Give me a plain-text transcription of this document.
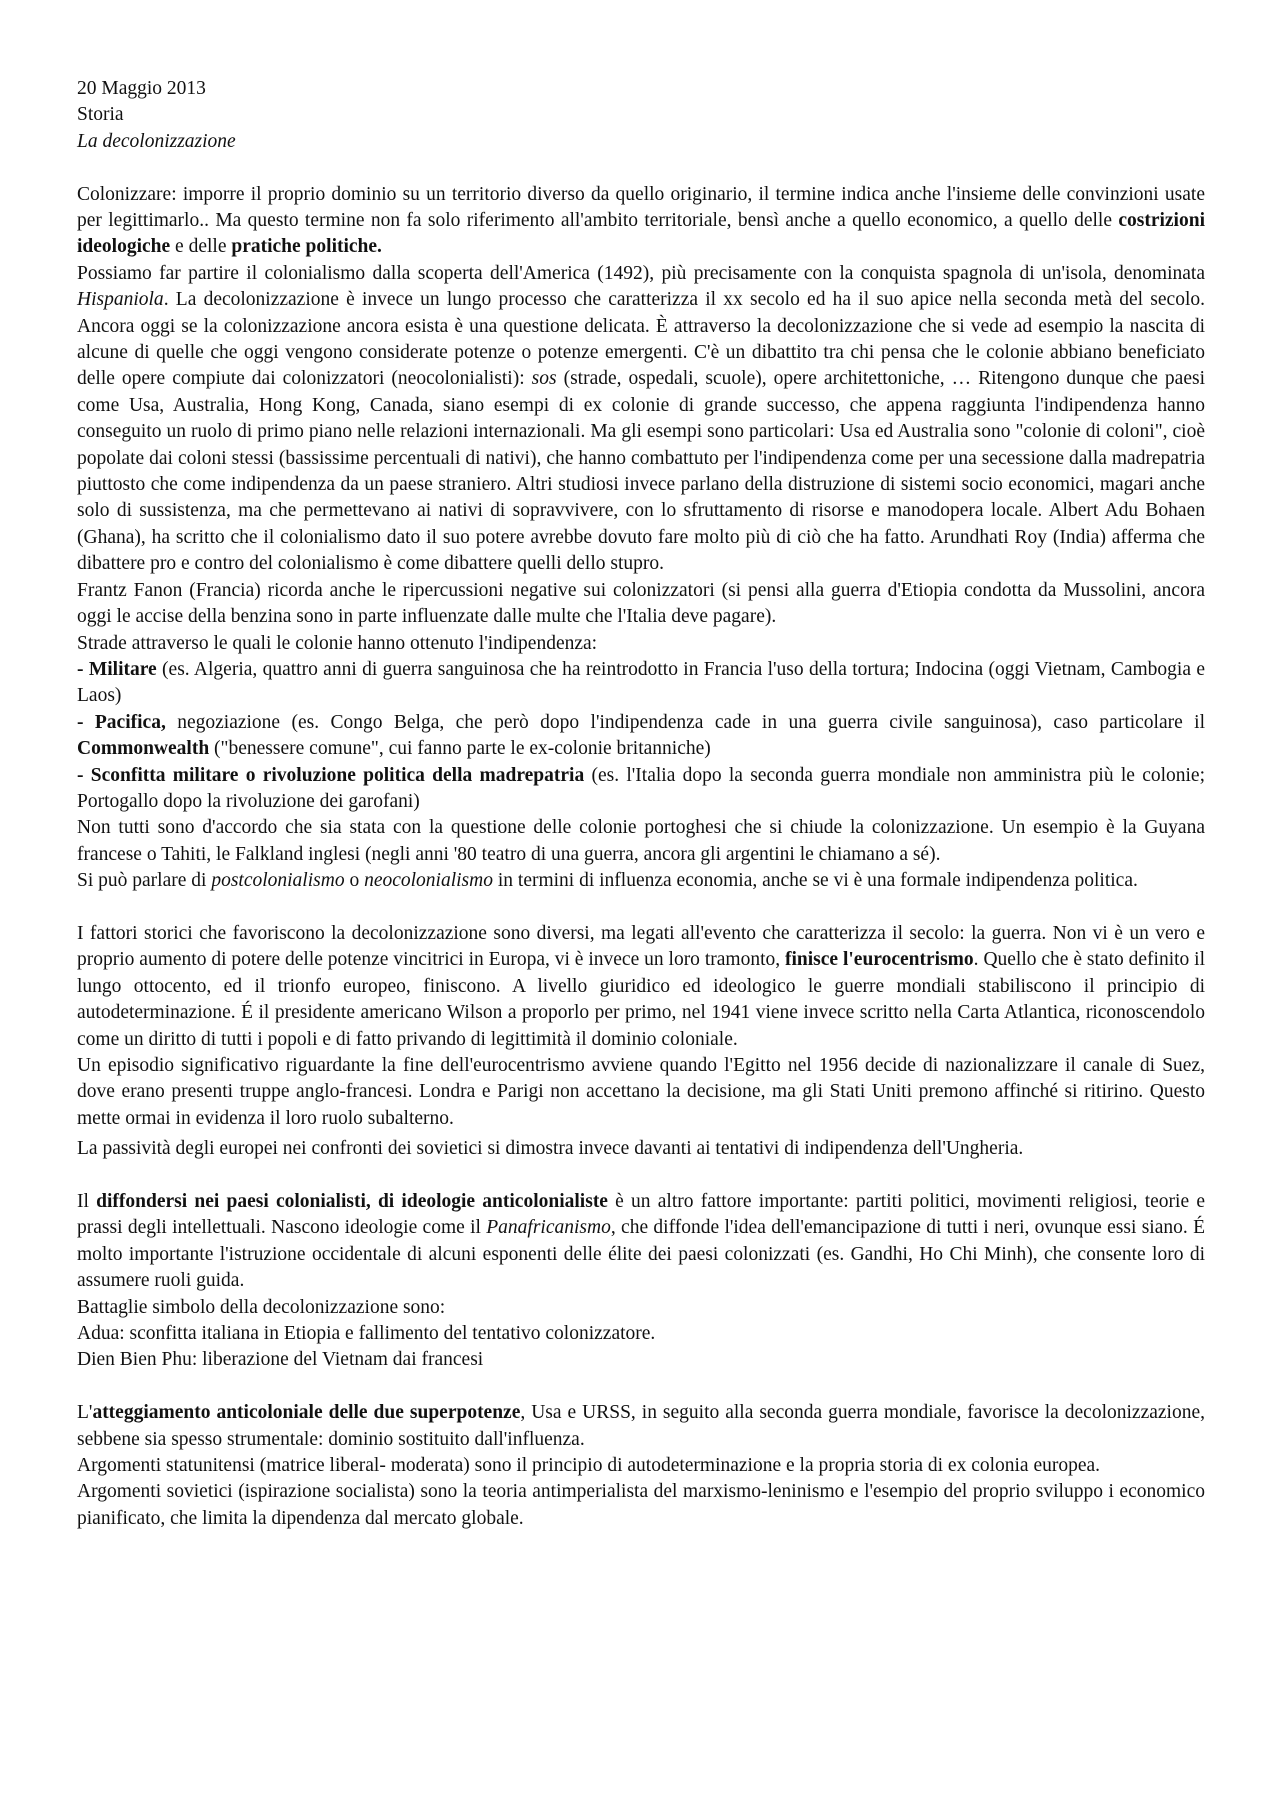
20 Maggio 2013

Storia

La decolonizzazione

Colonizzare: imporre il proprio dominio su un territorio diverso da quello originario, il termine indica anche l'insieme delle convinzioni usate per legittimarlo.. Ma questo termine non fa solo riferimento all'ambito territoriale, bensì anche a quello economico, a quello delle costrizioni ideologiche e delle pratiche politiche.

Possiamo far partire il colonialismo dalla scoperta dell'America (1492), più precisamente con la conquista spagnola di un'isola, denominata Hispaniola. La decolonizzazione è invece un lungo processo che caratterizza il xx secolo ed ha il suo apice nella seconda metà del secolo. Ancora oggi se la colonizzazione ancora esista è una questione delicata. È attraverso la decolonizzazione che si vede ad esempio la nascita di alcune di quelle che oggi vengono considerate potenze o potenze emergenti. C'è un dibattito tra chi pensa che le colonie abbiano beneficiato delle opere compiute dai colonizzatori (neocolonialisti): sos (strade, ospedali, scuole), opere architettoniche, … Ritengono dunque che paesi come Usa, Australia, Hong Kong, Canada, siano esempi di ex colonie di grande successo, che appena raggiunta l'indipendenza hanno conseguito un ruolo di primo piano nelle relazioni internazionali. Ma gli esempi sono particolari: Usa ed Australia sono "colonie di coloni", cioè popolate dai coloni stessi (bassissime percentuali di nativi), che hanno combattuto per l'indipendenza come per una secessione dalla madrepatria piuttosto che come indipendenza da un paese straniero. Altri studiosi invece parlano della distruzione di sistemi socio economici, magari anche solo di sussistenza, ma che permettevano ai nativi di sopravvivere, con lo sfruttamento di risorse e manodopera locale. Albert Adu Bohaen (Ghana), ha scritto che il colonialismo dato il suo potere avrebbe dovuto fare molto più di ciò che ha fatto. Arundhati Roy (India) afferma che dibattere pro e contro del colonialismo è come dibattere quelli dello stupro.

Frantz Fanon (Francia) ricorda anche le ripercussioni negative sui colonizzatori (si pensi alla guerra d'Etiopia condotta da Mussolini, ancora oggi le accise della benzina sono in parte influenzate dalle multe che l'Italia deve pagare).

Strade attraverso le quali le colonie hanno ottenuto l'indipendenza:

- Militare (es. Algeria, quattro anni di guerra sanguinosa che ha reintrodotto in Francia l'uso della tortura; Indocina (oggi Vietnam, Cambogia e Laos)

- Pacifica, negoziazione (es. Congo Belga, che però dopo l'indipendenza cade in una guerra civile sanguinosa), caso particolare il Commonwealth ("benessere comune", cui fanno parte le ex-colonie britanniche)

- Sconfitta militare o rivoluzione politica della madrepatria (es. l'Italia dopo la seconda guerra mondiale non amministra più le colonie; Portogallo dopo la rivoluzione dei garofani)

Non tutti sono d'accordo che sia stata con la questione delle colonie portoghesi che si chiude la colonizzazione. Un esempio è la Guyana francese o Tahiti, le Falkland inglesi (negli anni '80 teatro di una guerra, ancora gli argentini le chiamano a sé).

Si può parlare di postcolonialismo o neocolonialismo in termini di influenza economia, anche se vi è una formale indipendenza politica.

I fattori storici che favoriscono la decolonizzazione sono diversi, ma legati all'evento che caratterizza il secolo: la guerra. Non vi è un vero e proprio aumento di potere delle potenze vincitrici in Europa, vi è invece un loro tramonto, finisce l'eurocentrismo. Quello che è stato definito il lungo ottocento, ed il trionfo europeo, finiscono. A livello giuridico ed ideologico le guerre mondiali stabiliscono il principio di autodeterminazione. É il presidente americano Wilson a proporlo per primo, nel 1941 viene invece scritto nella Carta Atlantica, riconoscendolo come un diritto di tutti i popoli e di fatto privando di legittimità il dominio coloniale.

Un episodio significativo riguardante la fine dell'eurocentrismo avviene quando l'Egitto nel 1956 decide di nazionalizzare il canale di Suez, dove erano presenti truppe anglo-francesi. Londra e Parigi non accettano la decisione, ma gli Stati Uniti premono affinché si ritirino. Questo mette ormai in evidenza il loro ruolo subalterno.

La passività degli europei nei confronti dei sovietici si dimostra invece davanti ai tentativi di indipendenza dell'Ungheria.

Il diffondersi nei paesi colonialisti, di ideologie anticolonialiste è un altro fattore importante: partiti politici, movimenti religiosi, teorie e prassi degli intellettuali. Nascono ideologie come il Panafricanismo, che diffonde l'idea dell'emancipazione di tutti i neri, ovunque essi siano. É molto importante l'istruzione occidentale di alcuni esponenti delle élite dei paesi colonizzati (es. Gandhi, Ho Chi Minh), che consente loro di assumere ruoli guida.

Battaglie simbolo della decolonizzazione sono:

Adua: sconfitta italiana in Etiopia e fallimento del tentativo colonizzatore.

Dien Bien Phu: liberazione del Vietnam dai francesi

L'atteggiamento anticoloniale delle due superpotenze, Usa e URSS, in seguito alla seconda guerra mondiale, favorisce la decolonizzazione, sebbene sia spesso strumentale: dominio sostituito dall'influenza.

Argomenti statunitensi (matrice liberal- moderata) sono il principio di autodeterminazione e la propria storia di ex colonia europea.

Argomenti sovietici (ispirazione socialista) sono la teoria antimperialista del marxismo-leninismo e l'esempio del proprio sviluppo i economico pianificato, che limita la dipendenza dal mercato globale.
